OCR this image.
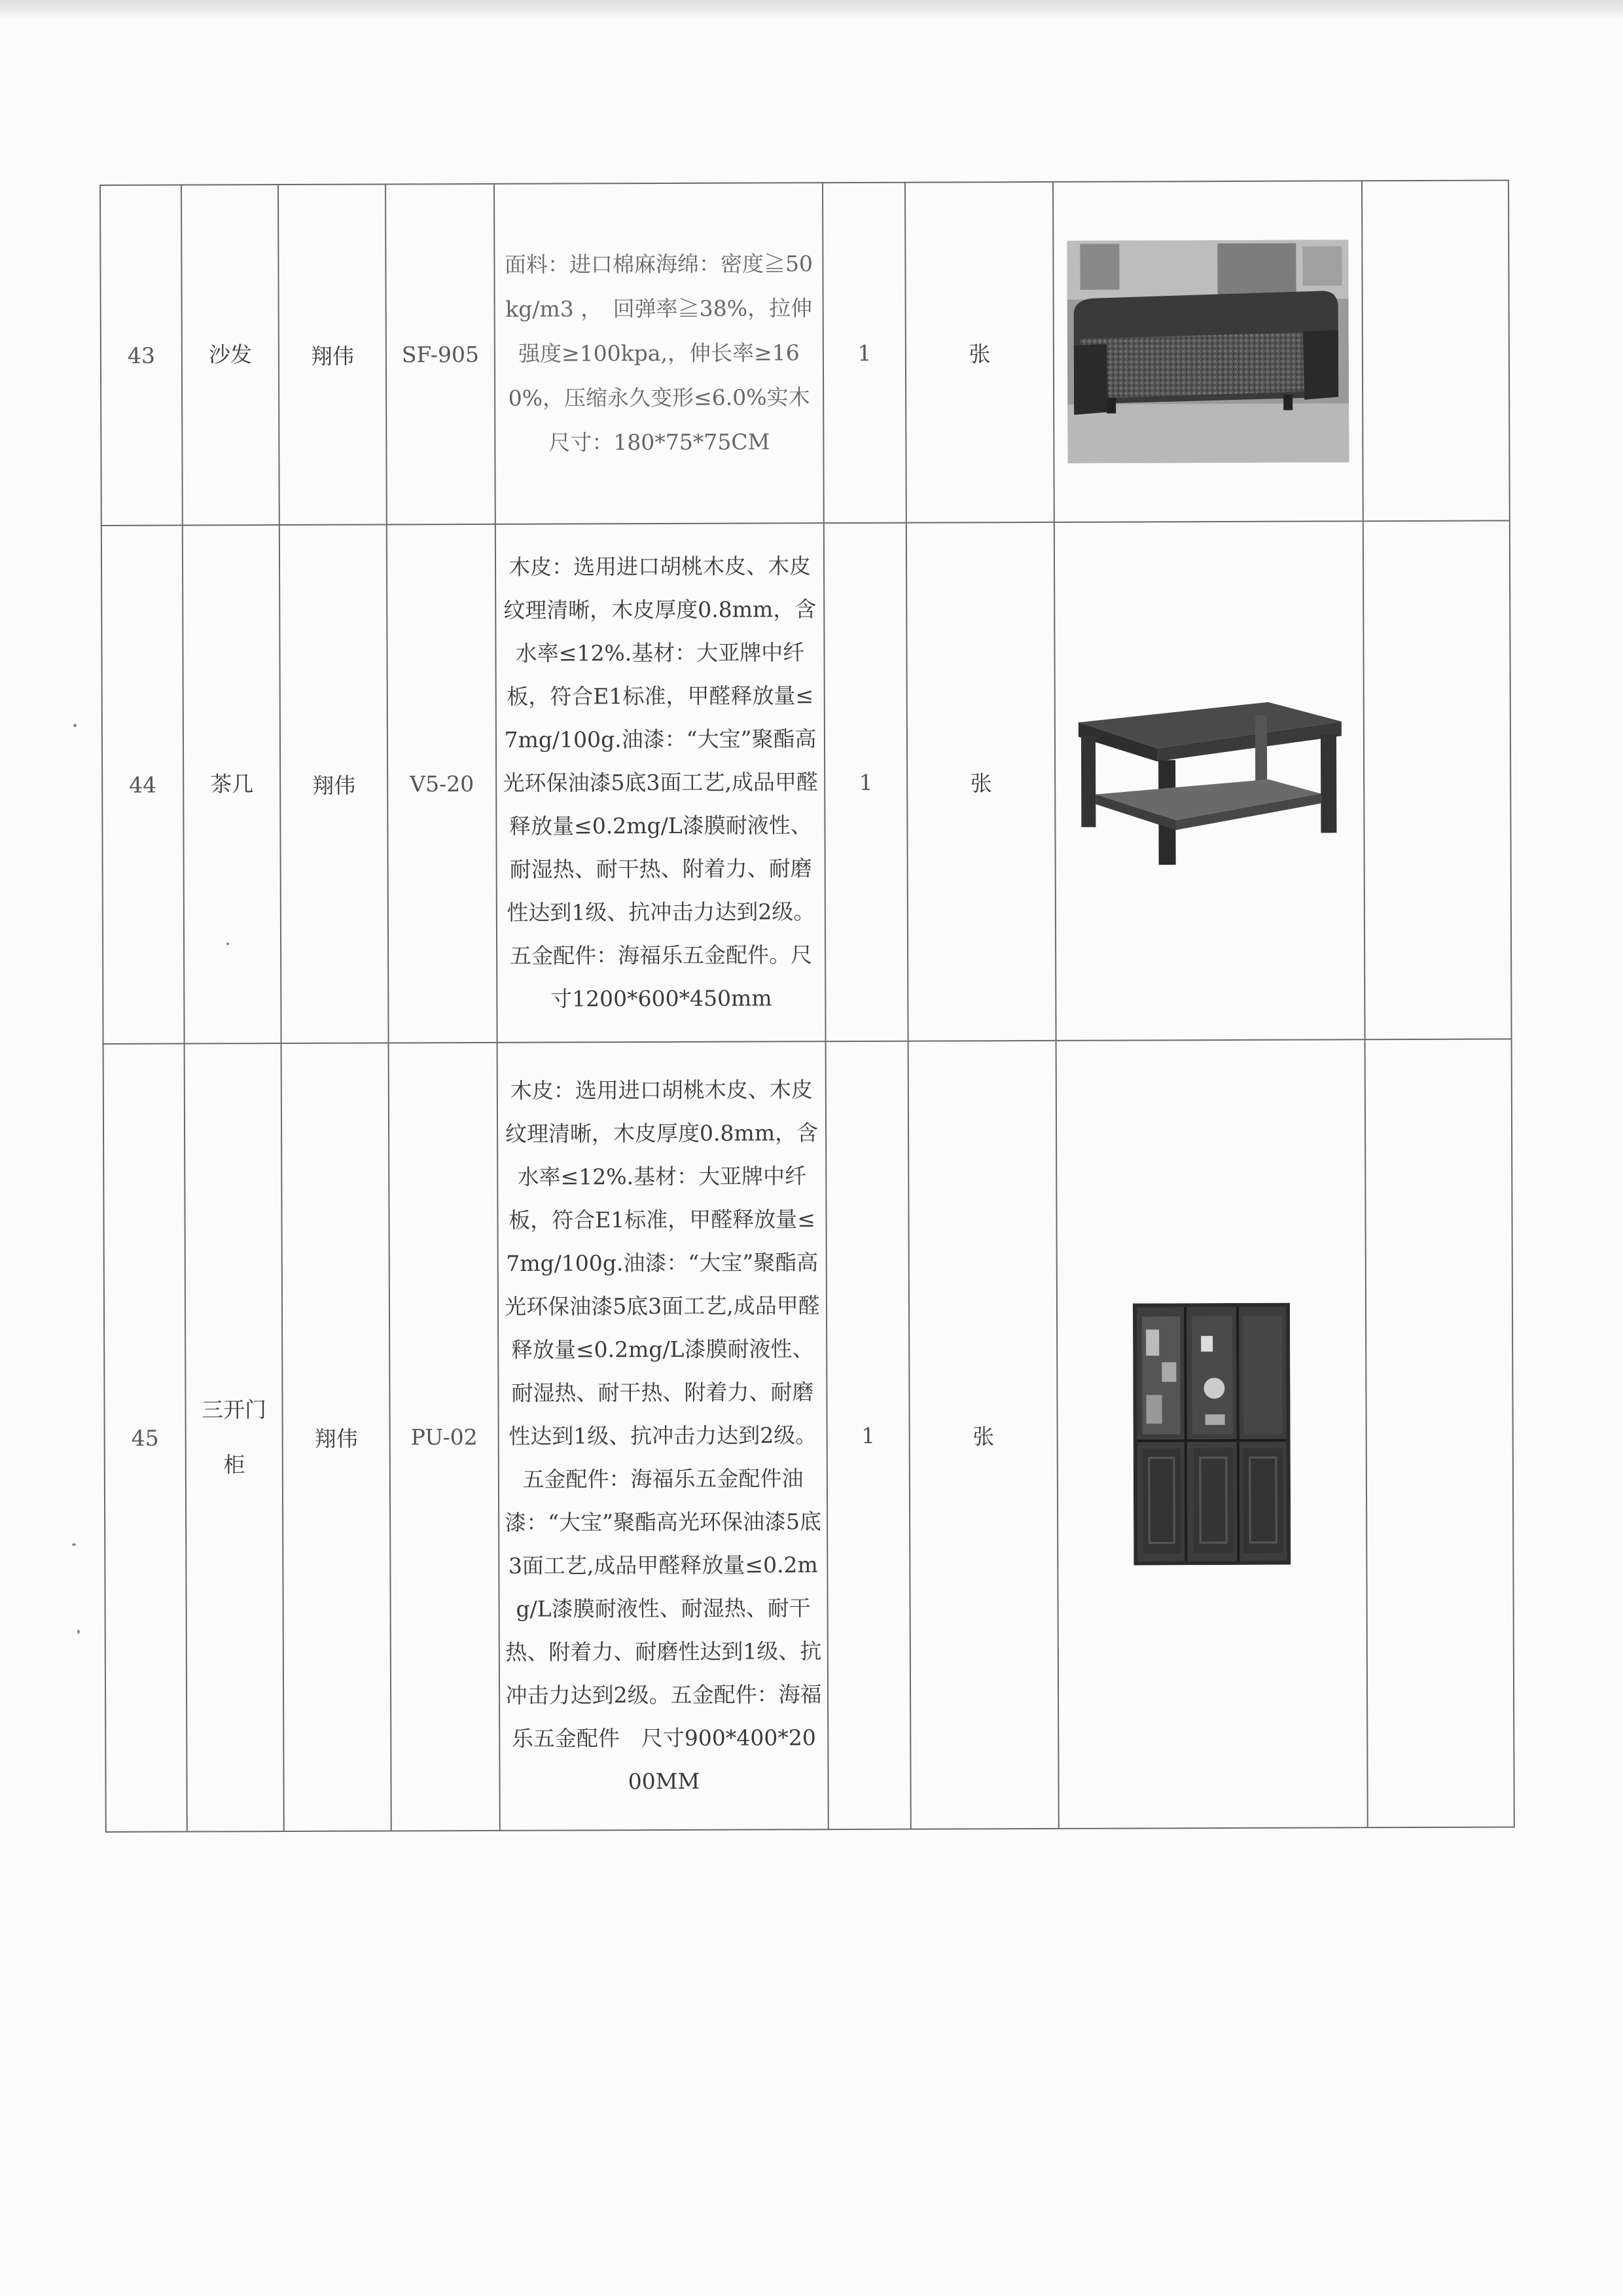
43	沙发	翔伟	SF-905	面料：进口棉麻海绵：密度≧50kg/m3 ，　回弹率≧38%，拉伸强度≥100kpa,，伸长率≥160%，压缩永久变形≤6.0%实木尺寸：180*75*75CM	1	张	

44	茶几	翔伟	V5-20	木皮：选用进口胡桃木皮、木皮纹理清晰，木皮厚度0.8mm，含水率≤12%.基材：大亚牌中纤板，符合E1标准，甲醛释放量≤7mg/100g.油漆：“大宝”聚酯高光环保油漆5底3面工艺,成品甲醛释放量≤0.2mg/L漆膜耐液性、耐湿热、耐干热、附着力、耐磨性达到1级、抗冲击力达到2级。五金配件：海福乐五金配件。尺寸1200*600*450mm	1	张	

45	三开门柜	翔伟	PU-02	木皮：选用进口胡桃木皮、木皮纹理清晰，木皮厚度0.8mm，含水率≤12%.基材：大亚牌中纤板，符合E1标准，甲醛释放量≤7mg/100g.油漆：“大宝”聚酯高光环保油漆5底3面工艺,成品甲醛释放量≤0.2mg/L漆膜耐液性、耐湿热、耐干热、附着力、耐磨性达到1级、抗冲击力达到2级。五金配件：海福乐五金配件油漆：“大宝”聚酯高光环保油漆5底3面工艺,成品甲醛释放量≤0.2mg/L漆膜耐液性、耐湿热、耐干热、附着力、耐磨性达到1级、抗冲击力达到2级。五金配件：海福乐五金配件　尺寸900*400*2000MM	1	张	
